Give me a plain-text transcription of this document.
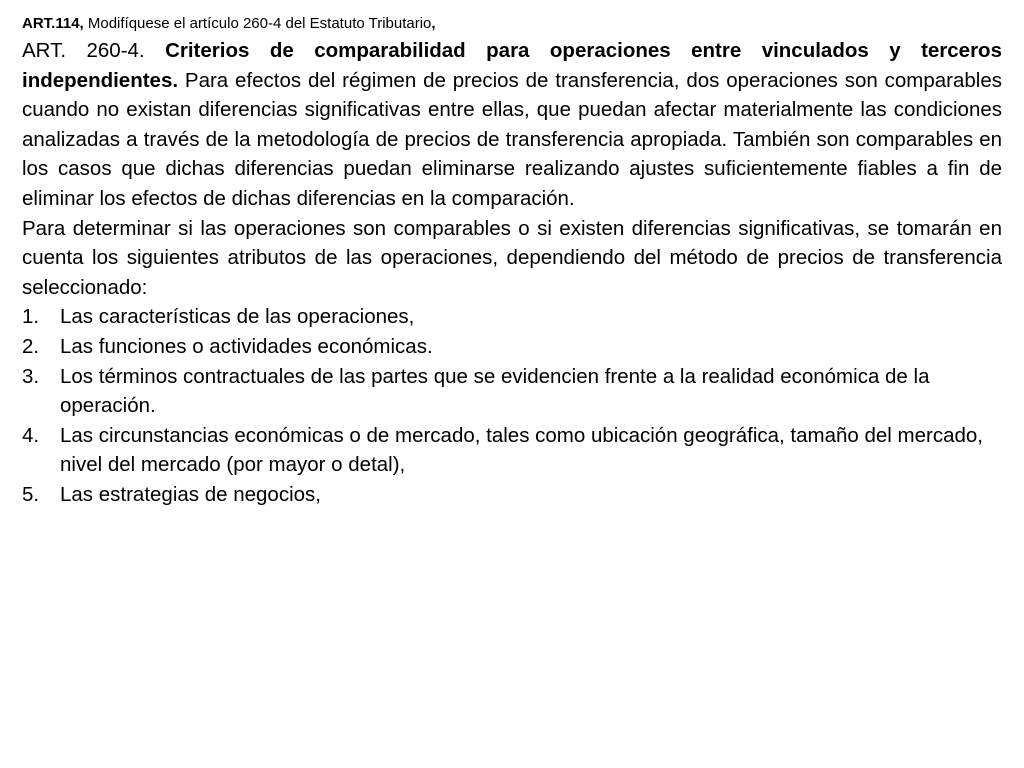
ART.114, Modifíquese el artículo 260-4 del Estatuto Tributario,

ART. 260-4. Criterios de comparabilidad para operaciones entre vinculados y terceros independientes. Para efectos del régimen de precios de transferencia, dos operaciones son comparables cuando no existan diferencias significativas entre ellas, que puedan afectar materialmente las condiciones analizadas a través de la metodología de precios de transferencia apropiada. También son comparables en los casos que dichas diferencias puedan eliminarse realizando ajustes suficientemente fiables a fin de eliminar los efectos de dichas diferencias en la comparación.

Para determinar si las operaciones son comparables o si existen diferencias significativas, se tomarán en cuenta los siguientes atributos de las operaciones, dependiendo del método de precios de transferencia seleccionado:

1. Las características de las operaciones,
2. Las funciones o actividades económicas.
3. Los términos contractuales de las partes que se evidencien frente a la realidad económica de la operación.
4. Las circunstancias económicas o de mercado, tales como ubicación geográfica, tamaño del mercado, nivel del mercado (por mayor o detal),
5. Las estrategias de negocios,
